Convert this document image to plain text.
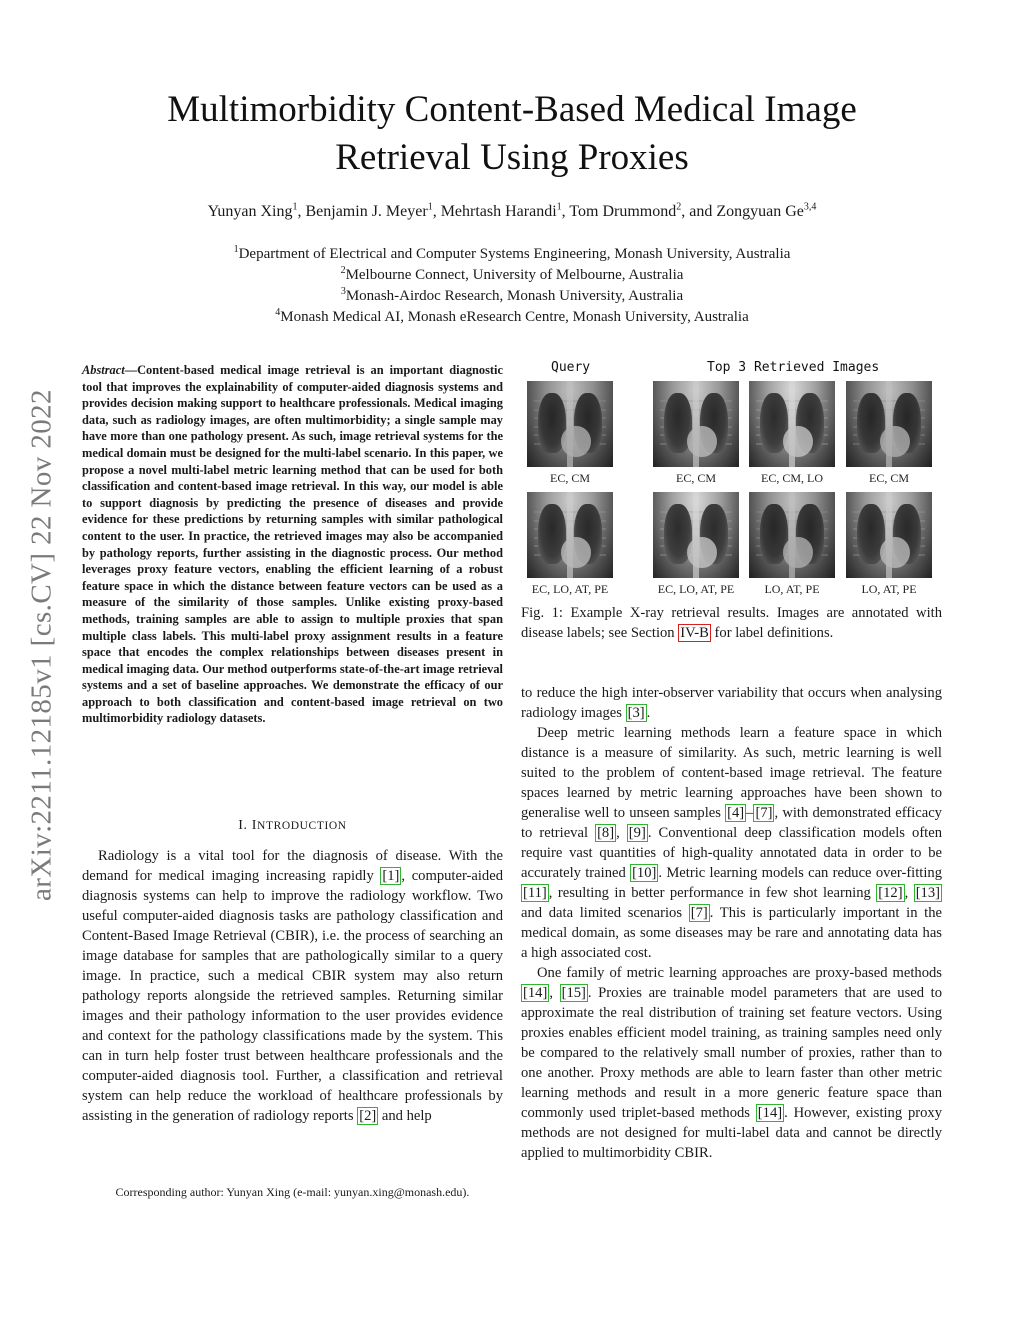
arXiv:2211.12185v1 [cs.CV] 22 Nov 2022
Multimorbidity Content-Based Medical Image Retrieval Using Proxies
Yunyan Xing$^1$, Benjamin J. Meyer$^1$, Mehrtash Harandi$^1$, Tom Drummond$^2$, and Zongyuan Ge$^{3,4}$
$^1$Department of Electrical and Computer Systems Engineering, Monash University, Australia
$^2$Melbourne Connect, University of Melbourne, Australia
$^3$Monash-Airdoc Research, Monash University, Australia
$^4$Monash Medical AI, Monash eResearch Centre, Monash University, Australia
Abstract—Content-based medical image retrieval is an important diagnostic tool that improves the explainability of computer-aided diagnosis systems and provides decision making support to healthcare professionals. Medical imaging data, such as radiology images, are often multimorbidity; a single sample may have more than one pathology present. As such, image retrieval systems for the medical domain must be designed for the multi-label scenario. In this paper, we propose a novel multi-label metric learning method that can be used for both classification and content-based image retrieval. In this way, our model is able to support diagnosis by predicting the presence of diseases and provide evidence for these predictions by returning samples with similar pathological content to the user. In practice, the retrieved images may also be accompanied by pathology reports, further assisting in the diagnostic process. Our method leverages proxy feature vectors, enabling the efficient learning of a robust feature space in which the distance between feature vectors can be used as a measure of the similarity of those samples. Unlike existing proxy-based methods, training samples are able to assign to multiple proxies that span multiple class labels. This multi-label proxy assignment results in a feature space that encodes the complex relationships between diseases present in medical imaging data. Our method outperforms state-of-the-art image retrieval systems and a set of baseline approaches. We demonstrate the efficacy of our approach to both classification and content-based image retrieval on two multimorbidity radiology datasets.
I. INTRODUCTION

Radiology is a vital tool for the diagnosis of disease. With the demand for medical imaging increasing rapidly [1] , computer-aided diagnosis systems can help to improve the radiology workflow. Two useful computer-aided diagnosis tasks are pathology classification and Content-Based Image Retrieval (CBIR), i.e. the process of searching an image database for samples that are pathologically similar to a query image. In practice, such a medical CBIR system may also return pathology reports alongside the retrieved samples. Returning similar images and their pathology information to the user provides evidence and context for the pathology classifications made by the system. This can in turn help foster trust between healthcare professionals and the computer-aided diagnosis tool. Further, a classification and retrieval system can help reduce the workload of healthcare professionals by assisting in the generation of radiology reports [2] and help

Corresponding author: Yunyan Xing (e-mail: yunyan.xing@monash.edu).
Query	Top 3 Retrieved Images
EC, CM	EC, CM	EC, CM, LO	EC, CM
EC, LO, AT, PE	EC, LO, AT, PE	LO, AT, PE	LO, AT, PE
Fig. 1: Example X-ray retrieval results. Images are annotated with disease labels; see Section IV-B for label definitions.

to reduce the high inter-observer variability that occurs when analysing radiology images [3] .

Deep metric learning methods learn a feature space in which distance is a measure of similarity. As such, metric learning is well suited to the problem of content-based image retrieval. The feature spaces learned by metric learning approaches have been shown to generalise well to unseen samples [4] – [7] , with demonstrated efficacy to retrieval [8] , [9] . Conventional deep classification models often require vast quantities of high-quality annotated data in order to be accurately trained [10] . Metric learning models can reduce over-fitting [11] , resulting in better performance in few shot learning [12] , [13] and data limited scenarios [7] . This is particularly important in the medical domain, as some diseases may be rare and annotating data has a high associated cost.

One family of metric learning approaches are proxy-based methods [14] , [15] . Proxies are trainable model parameters that are used to approximate the real distribution of training set feature vectors. Using proxies enables efficient model training, as training samples need only be compared to the relatively small number of proxies, rather than to one another. Proxy methods are able to learn faster than other metric learning methods and result in a more generic feature space than commonly used triplet-based methods [14] . However, existing proxy methods are not designed for multi-label data and cannot be directly applied to multimorbidity CBIR.
